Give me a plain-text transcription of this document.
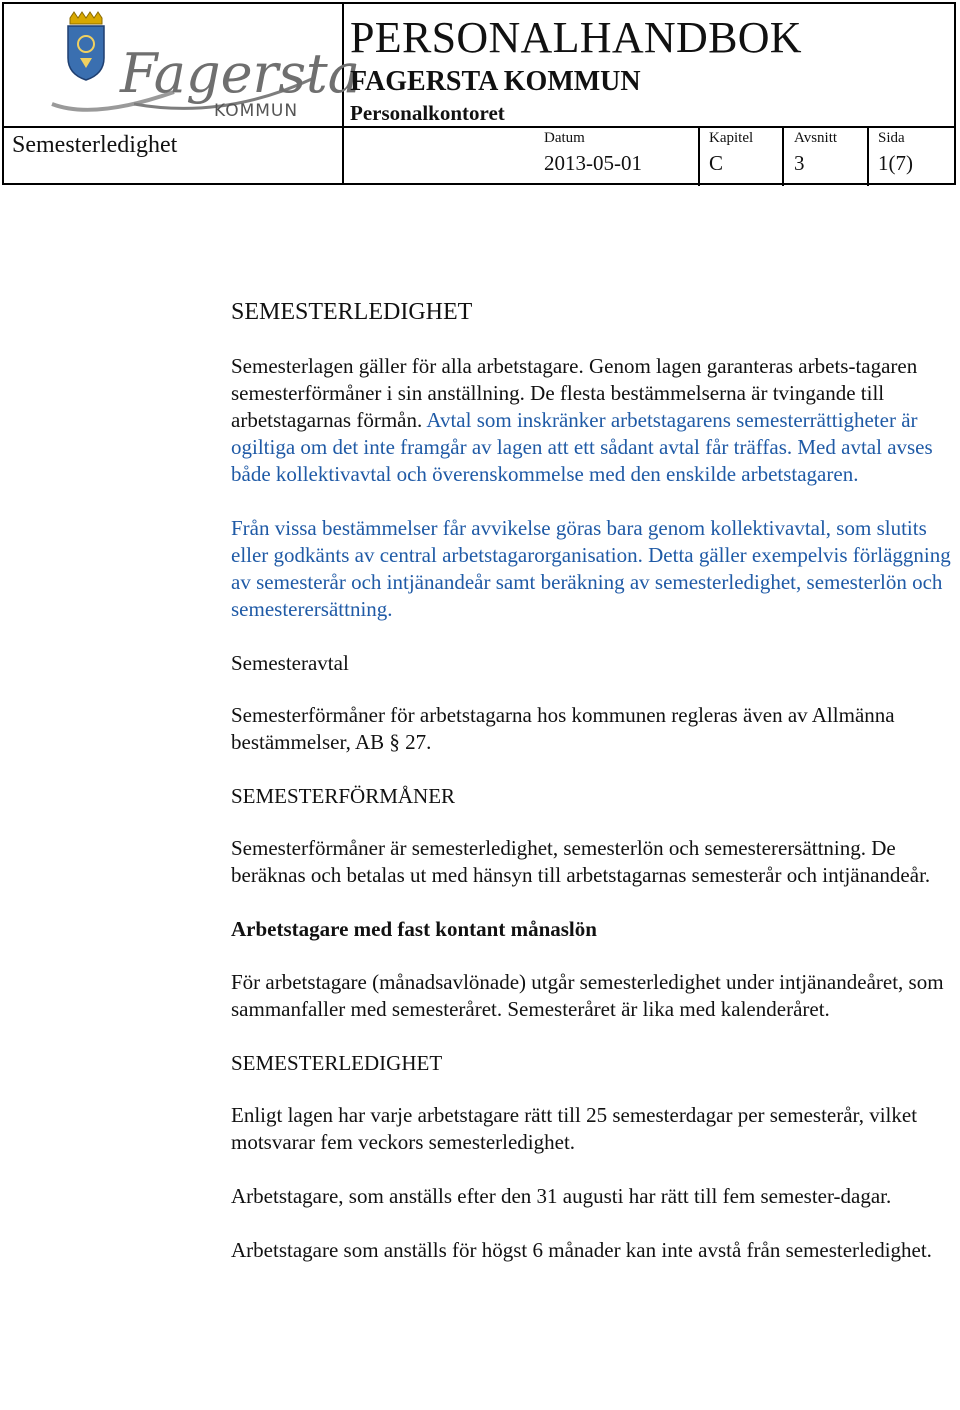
Fagersta
KOMMUN
PERSONALHANDBOK
FAGERSTA KOMMUN
Personalkontoret
Semesterledighet	Datum
2013-05-01
Kapitel
C
Avsnitt
3
Sida
1(7)
SEMESTERLEDIGHET

Semesterlagen gäller för alla arbetstagare. Genom lagen garanteras arbets-tagaren semesterförmåner i sin anställning. De flesta bestämmelserna är tvingande till arbetstagarnas förmån. Avtal som inskränker arbetstagarens semesterrättigheter är ogiltiga om det inte framgår av lagen att ett sådant avtal får träffas. Med avtal avses både kollektivavtal och överenskommelse med den enskilde arbetstagaren.

Från vissa bestämmelser får avvikelse göras bara genom kollektivavtal, som slutits eller godkänts av central arbetstagarorganisation. Detta gäller exempelvis förläggning av semesterår och intjänandeår samt beräkning av semesterledighet, semesterlön och semesterersättning.

Semesteravtal

Semesterförmåner för arbetstagarna hos kommunen regleras även av Allmänna bestämmelser, AB § 27.

SEMESTERFÖRMÅNER

Semesterförmåner är semesterledighet, semesterlön och semesterersättning. De beräknas och betalas ut med hänsyn till arbetstagarnas semesterår och intjänandeår.

Arbetstagare med fast kontant månaslön

För arbetstagare (månadsavlönade) utgår semesterledighet under intjänandeåret, som sammanfaller med semesteråret. Semesteråret är lika med kalenderåret.

SEMESTERLEDIGHET

Enligt lagen har varje arbetstagare rätt till 25 semesterdagar per semesterår, vilket motsvarar fem veckors semesterledighet.

Arbetstagare, som anställs efter den 31 augusti har rätt till fem semester-dagar.

Arbetstagare som anställs för högst 6 månader kan inte avstå från semesterledighet.
